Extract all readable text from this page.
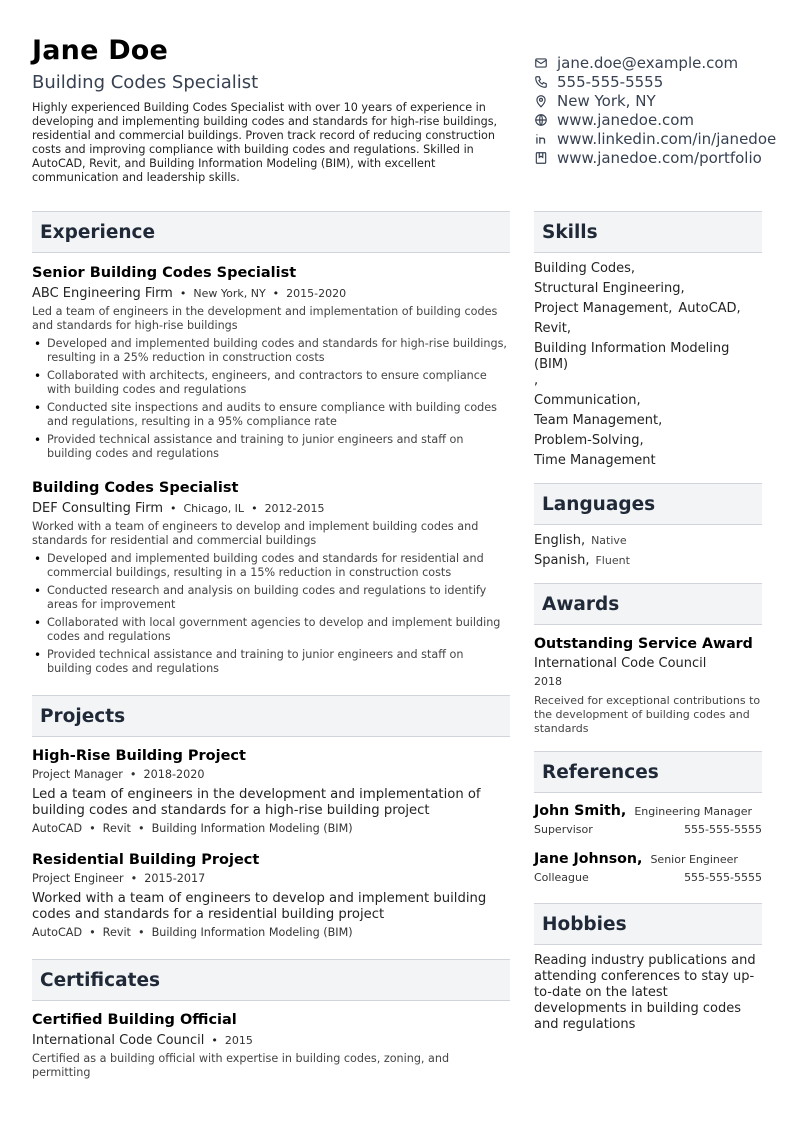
Jane Doe
Building Codes Specialist
Highly experienced Building Codes Specialist with over 10 years of experience in developing and implementing building codes and standards for high-rise buildings, residential and commercial buildings. Proven track record of reducing construction costs and improving compliance with building codes and regulations. Skilled in AutoCAD, Revit, and Building Information Modeling (BIM), with excellent communication and leadership skills.
jane.doe@example.com
555-555-5555
New York, NY
www.janedoe.com
www.linkedin.com/in/janedoe
www.janedoe.com/portfolio
Experience
Senior Building Codes Specialist
ABC Engineering Firm • New York, NY • 2015-2020
Led a team of engineers in the development and implementation of building codes and standards for high-rise buildings
• Developed and implemented building codes and standards for high-rise buildings, resulting in a 25% reduction in construction costs
• Collaborated with architects, engineers, and contractors to ensure compliance with building codes and regulations
• Conducted site inspections and audits to ensure compliance with building codes and regulations, resulting in a 95% compliance rate
• Provided technical assistance and training to junior engineers and staff on building codes and regulations
Building Codes Specialist
DEF Consulting Firm • Chicago, IL • 2012-2015
Worked with a team of engineers to develop and implement building codes and standards for residential and commercial buildings
• Developed and implemented building codes and standards for residential and commercial buildings, resulting in a 15% reduction in construction costs
• Conducted research and analysis on building codes and regulations to identify areas for improvement
• Collaborated with local government agencies to develop and implement building codes and regulations
• Provided technical assistance and training to junior engineers and staff on building codes and regulations
Projects
High-Rise Building Project
Project Manager • 2018-2020
Led a team of engineers in the development and implementation of building codes and standards for a high-rise building project
AutoCAD • Revit • Building Information Modeling (BIM)
Residential Building Project
Project Engineer • 2015-2017
Worked with a team of engineers to develop and implement building codes and standards for a residential building project
AutoCAD • Revit • Building Information Modeling (BIM)
Certificates
Certified Building Official
International Code Council • 2015
Certified as a building official with expertise in building codes, zoning, and permitting
Skills
Building Codes,
Structural Engineering,
Project Management, AutoCAD,
Revit,
Building Information Modeling (BIM)
,
Communication,
Team Management,
Problem-Solving,
Time Management
Languages
English, Native
Spanish, Fluent
Awards
Outstanding Service Award
International Code Council
2018
Received for exceptional contributions to the development of building codes and standards
References
John Smith, Engineering Manager
Supervisor	555-555-5555
Jane Johnson, Senior Engineer
Colleague	555-555-5555
Hobbies
Reading industry publications and attending conferences to stay up-to-date on the latest developments in building codes and regulations
